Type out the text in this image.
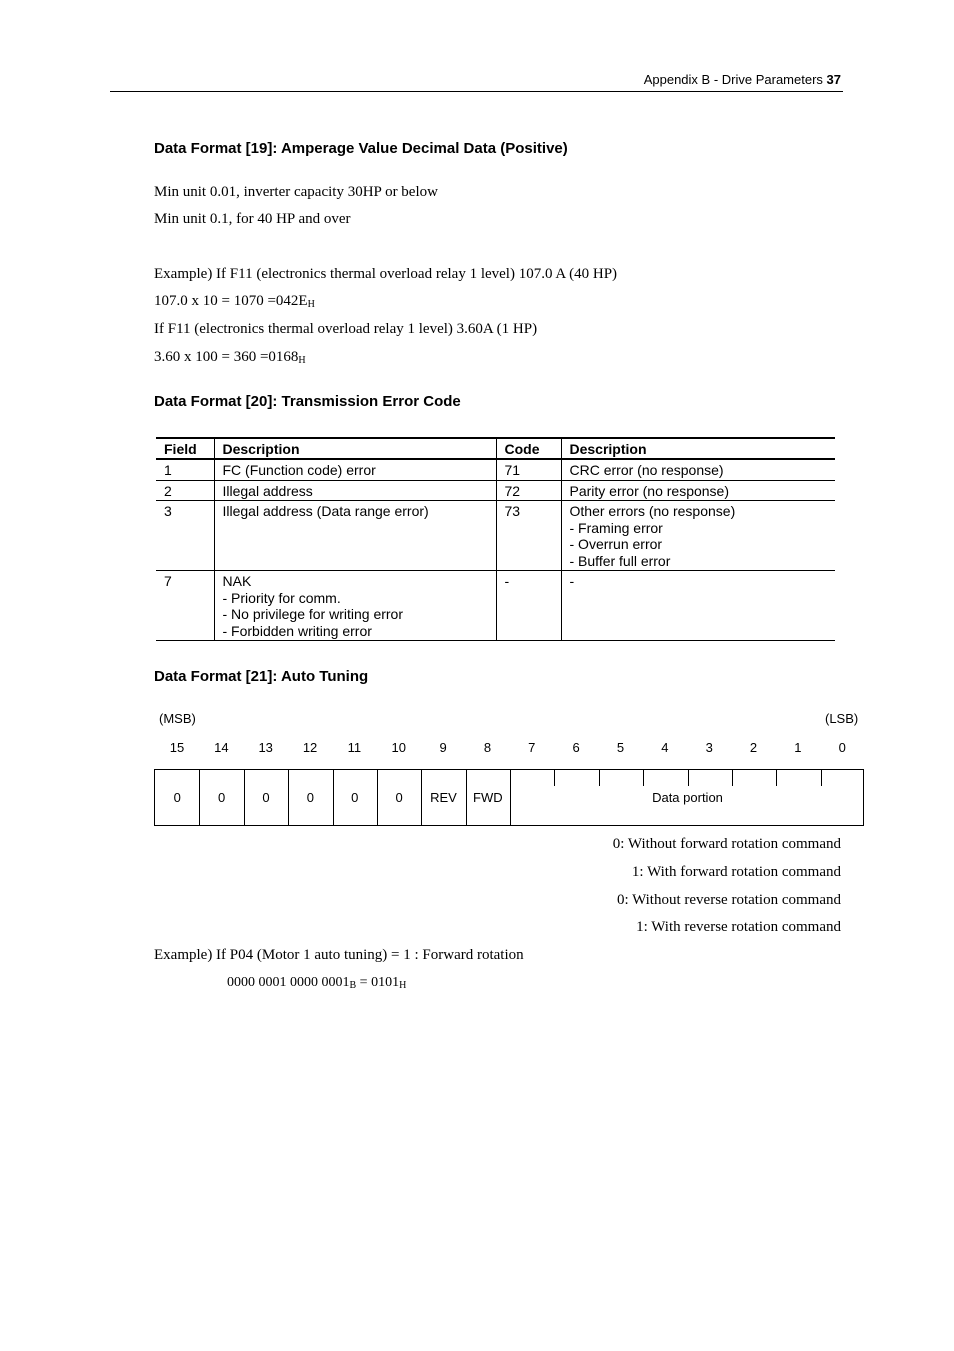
Appendix B - Drive Parameters 37
Data Format [19]: Amperage Value Decimal Data (Positive)

Min unit 0.01, inverter capacity 30HP or below

Min unit 0.1, for 40 HP and over

Example) If F11 (electronics thermal overload relay 1 level) 107.0 A (40 HP)

107.0 x $10 = 1070 =042E_H$

If F11 (electronics thermal overload relay 1 level) 3.60A (1 HP)

3.60 x $100 = 360 =0168_H$

Data Format [20]: Transmission Error Code
Field	Description	Code	Description
1	FC (Function code) error	71	CRC error (no response)

2	Illegal address	72	Parity error (no response)

3	Illegal address (Data range error)	73	Other errors (no response)
- Framing error
- Overrun error
- Buffer full error

7	NAK
- Priority for comm.
- No privilege for writing error
- Forbidden writing error	-	-
Data Format [21]: Auto Tuning
(MSB)	(LSB)
15	14	13	12	11	10	9	8	7	6	5	4	3	2	1	0
0	0	0	0	0	0	REV	FWD	Data portion

0: Without forward rotation command

1: With forward rotation command

0: Without reverse rotation command

1: With reverse rotation command

Example) If P04 (Motor 1 auto tuning) = 1 : Forward rotation

0000 0001 0000 $0001_B = 0101_H$
